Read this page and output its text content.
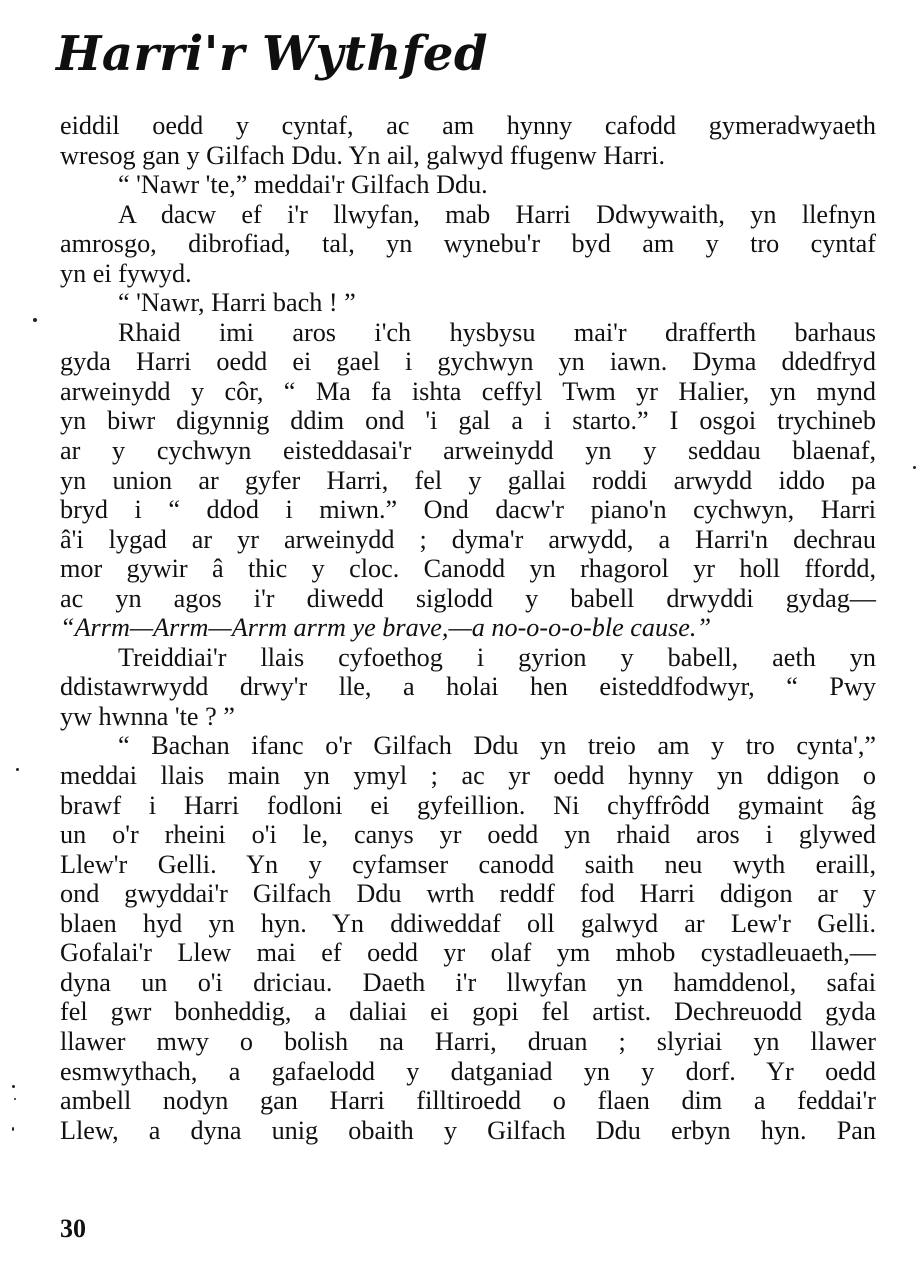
Harri'r Wythfed
eiddil oedd y cyntaf, ac am hynny cafodd gymeradwyaeth
wresog gan y Gilfach Ddu. Yn ail, galwyd ffugenw Harri.
“ 'Nawr 'te,” meddai'r Gilfach Ddu.
A dacw ef i'r llwyfan, mab Harri Ddwywaith, yn llefnyn
amrosgo, dibrofiad, tal, yn wynebu'r byd am y tro cyntaf
yn ei fywyd.
“ 'Nawr, Harri bach ! ”
Rhaid imi aros i'ch hysbysu mai'r drafferth barhaus
gyda Harri oedd ei gael i gychwyn yn iawn. Dyma ddedfryd
arweinydd y côr, “ Ma fa ishta ceffyl Twm yr Halier, yn mynd
yn biwr digynnig ddim ond 'i gal a i starto.” I osgoi trychineb
ar y cychwyn eisteddasai'r arweinydd yn y seddau blaenaf,
yn union ar gyfer Harri, fel y gallai roddi arwydd iddo pa
bryd i “ ddod i miwn.” Ond dacw'r piano'n cychwyn, Harri
â'i lygad ar yr arweinydd ; dyma'r arwydd, a Harri'n dechrau
mor gywir â thic y cloc. Canodd yn rhagorol yr holl ffordd,
ac yn agos i'r diwedd siglodd y babell drwyddi gydag—
“Arrm—Arrm—Arrm arrm ye brave,—a no-o-o-o-ble cause.”
Treiddiai'r llais cyfoethog i gyrion y babell, aeth yn
ddistawrwydd drwy'r lle, a holai hen eisteddfodwyr, “ Pwy
yw hwnna 'te ? ”
“ Bachan ifanc o'r Gilfach Ddu yn treio am y tro cynta',”
meddai llais main yn ymyl ; ac yr oedd hynny yn ddigon o
brawf i Harri fodloni ei gyfeillion. Ni chyffrôdd gymaint âg
un o'r rheini o'i le, canys yr oedd yn rhaid aros i glywed
Llew'r Gelli. Yn y cyfamser canodd saith neu wyth eraill,
ond gwyddai'r Gilfach Ddu wrth reddf fod Harri ddigon ar y
blaen hyd yn hyn. Yn ddiweddaf oll galwyd ar Lew'r Gelli.
Gofalai'r Llew mai ef oedd yr olaf ym mhob cystadleuaeth,—
dyna un o'i driciau. Daeth i'r llwyfan yn hamddenol, safai
fel gwr bonheddig, a daliai ei gopi fel artist. Dechreuodd gyda
llawer mwy o bolish na Harri, druan ; slyriai yn llawer
esmwythach, a gafaelodd y datganiad yn y dorf. Yr oedd
ambell nodyn gan Harri filltiroedd o flaen dim a feddai'r
Llew, a dyna unig obaith y Gilfach Ddu erbyn hyn. Pan
30
